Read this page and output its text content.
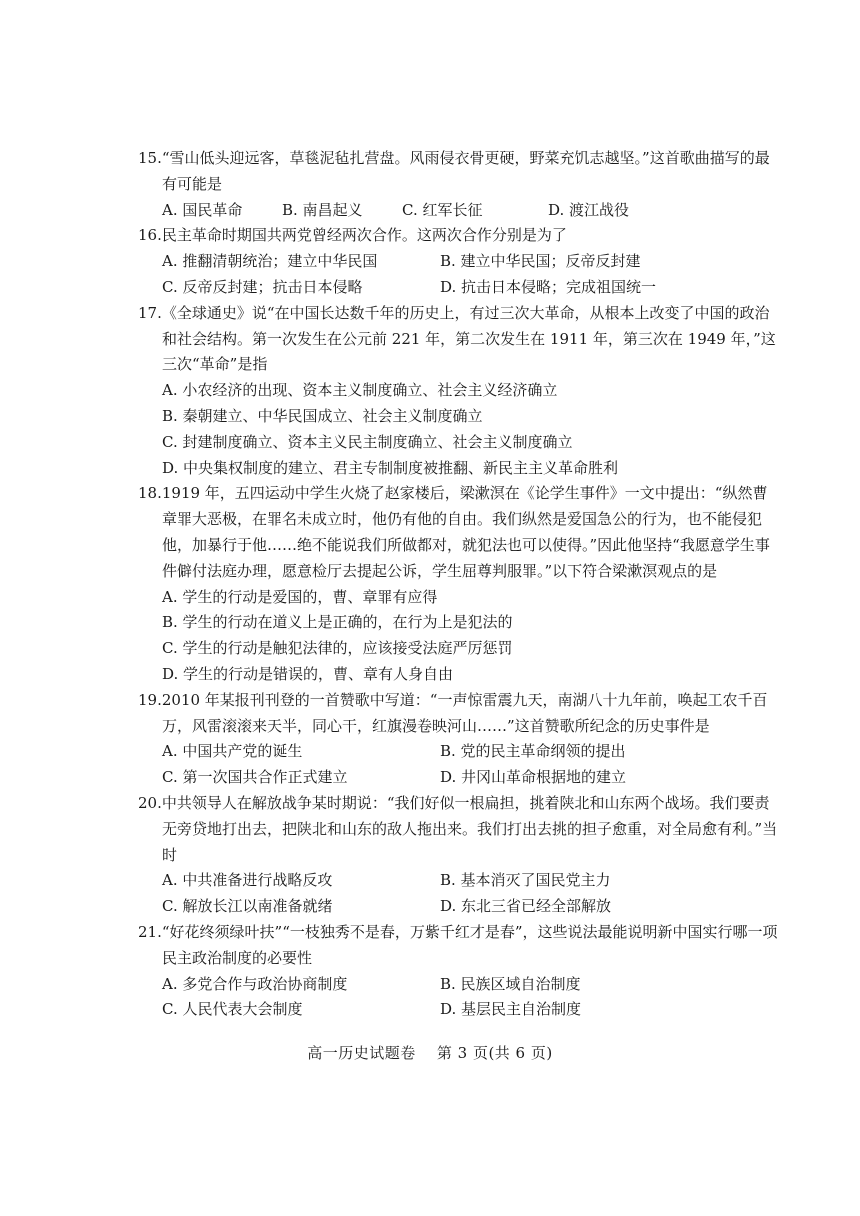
15.“雪山低头迎远客，草毯泥毡扎营盘。风雨侵衣骨更硬，野菜充饥志越坚。”这首歌曲描写的最有可能是

A. 国民革命	B. 南昌起义	C. 红军长征	D. 渡江战役

16.民主革命时期国共两党曾经两次合作。这两次合作分别是为了

A. 推翻清朝统治；建立中华民国	B. 建立中华民国；反帝反封建
C. 反帝反封建；抗击日本侵略	D. 抗击日本侵略；完成祖国统一

17.《全球通史》说“在中国长达数千年的历史上，有过三次大革命，从根本上改变了中国的政治和社会结构。第一次发生在公元前 221 年，第二次发生在 1911 年，第三次在 1949 年，”这三次“革命”是指

A. 小农经济的出现、资本主义制度确立、社会主义经济确立

B. 秦朝建立、中华民国成立、社会主义制度确立

C. 封建制度确立、资本主义民主制度确立、社会主义制度确立

D. 中央集权制度的建立、君主专制制度被推翻、新民主主义革命胜利

18.1919 年，五四运动中学生火烧了赵家楼后，梁漱溟在《论学生事件》一文中提出：“纵然曹章罪大恶极，在罪名未成立时，他仍有他的自由。我们纵然是爱国急公的行为，也不能侵犯他，加暴行于他……绝不能说我们所做都对，就犯法也可以使得。”因此他坚持“我愿意学生事件僻付法庭办理，愿意检厅去提起公诉，学生屈尊判服罪。”以下符合梁漱溟观点的是

A. 学生的行动是爱国的，曹、章罪有应得

B. 学生的行动在道义上是正确的，在行为上是犯法的

C. 学生的行动是触犯法律的，应该接受法庭严厉惩罚

D. 学生的行动是错误的，曹、章有人身自由

19.2010 年某报刊刊登的一首赞歌中写道：“一声惊雷震九天，南湖八十九年前，唤起工农千百万，风雷滚滚来天半，同心干，红旗漫卷映河山……”这首赞歌所纪念的历史事件是

A. 中国共产党的诞生	B. 党的民主革命纲领的提出
C. 第一次国共合作正式建立	D. 井冈山革命根据地的建立

20.中共领导人在解放战争某时期说：“我们好似一根扁担，挑着陕北和山东两个战场。我们要责无旁贷地打出去，把陕北和山东的敌人拖出来。我们打出去挑的担子愈重，对全局愈有利。”当时

A. 中共准备进行战略反攻	B. 基本消灭了国民党主力
C. 解放长江以南准备就绪	D. 东北三省已经全部解放

21.“好花终须绿叶扶”“一枝独秀不是春，万紫千红才是春”，这些说法最能说明新中国实行哪一项民主政治制度的必要性

A. 多党合作与政治协商制度	B. 民族区域自治制度
C. 人民代表大会制度	D. 基层民主自治制度
高一历史试题卷 第 3 页(共 6 页)
